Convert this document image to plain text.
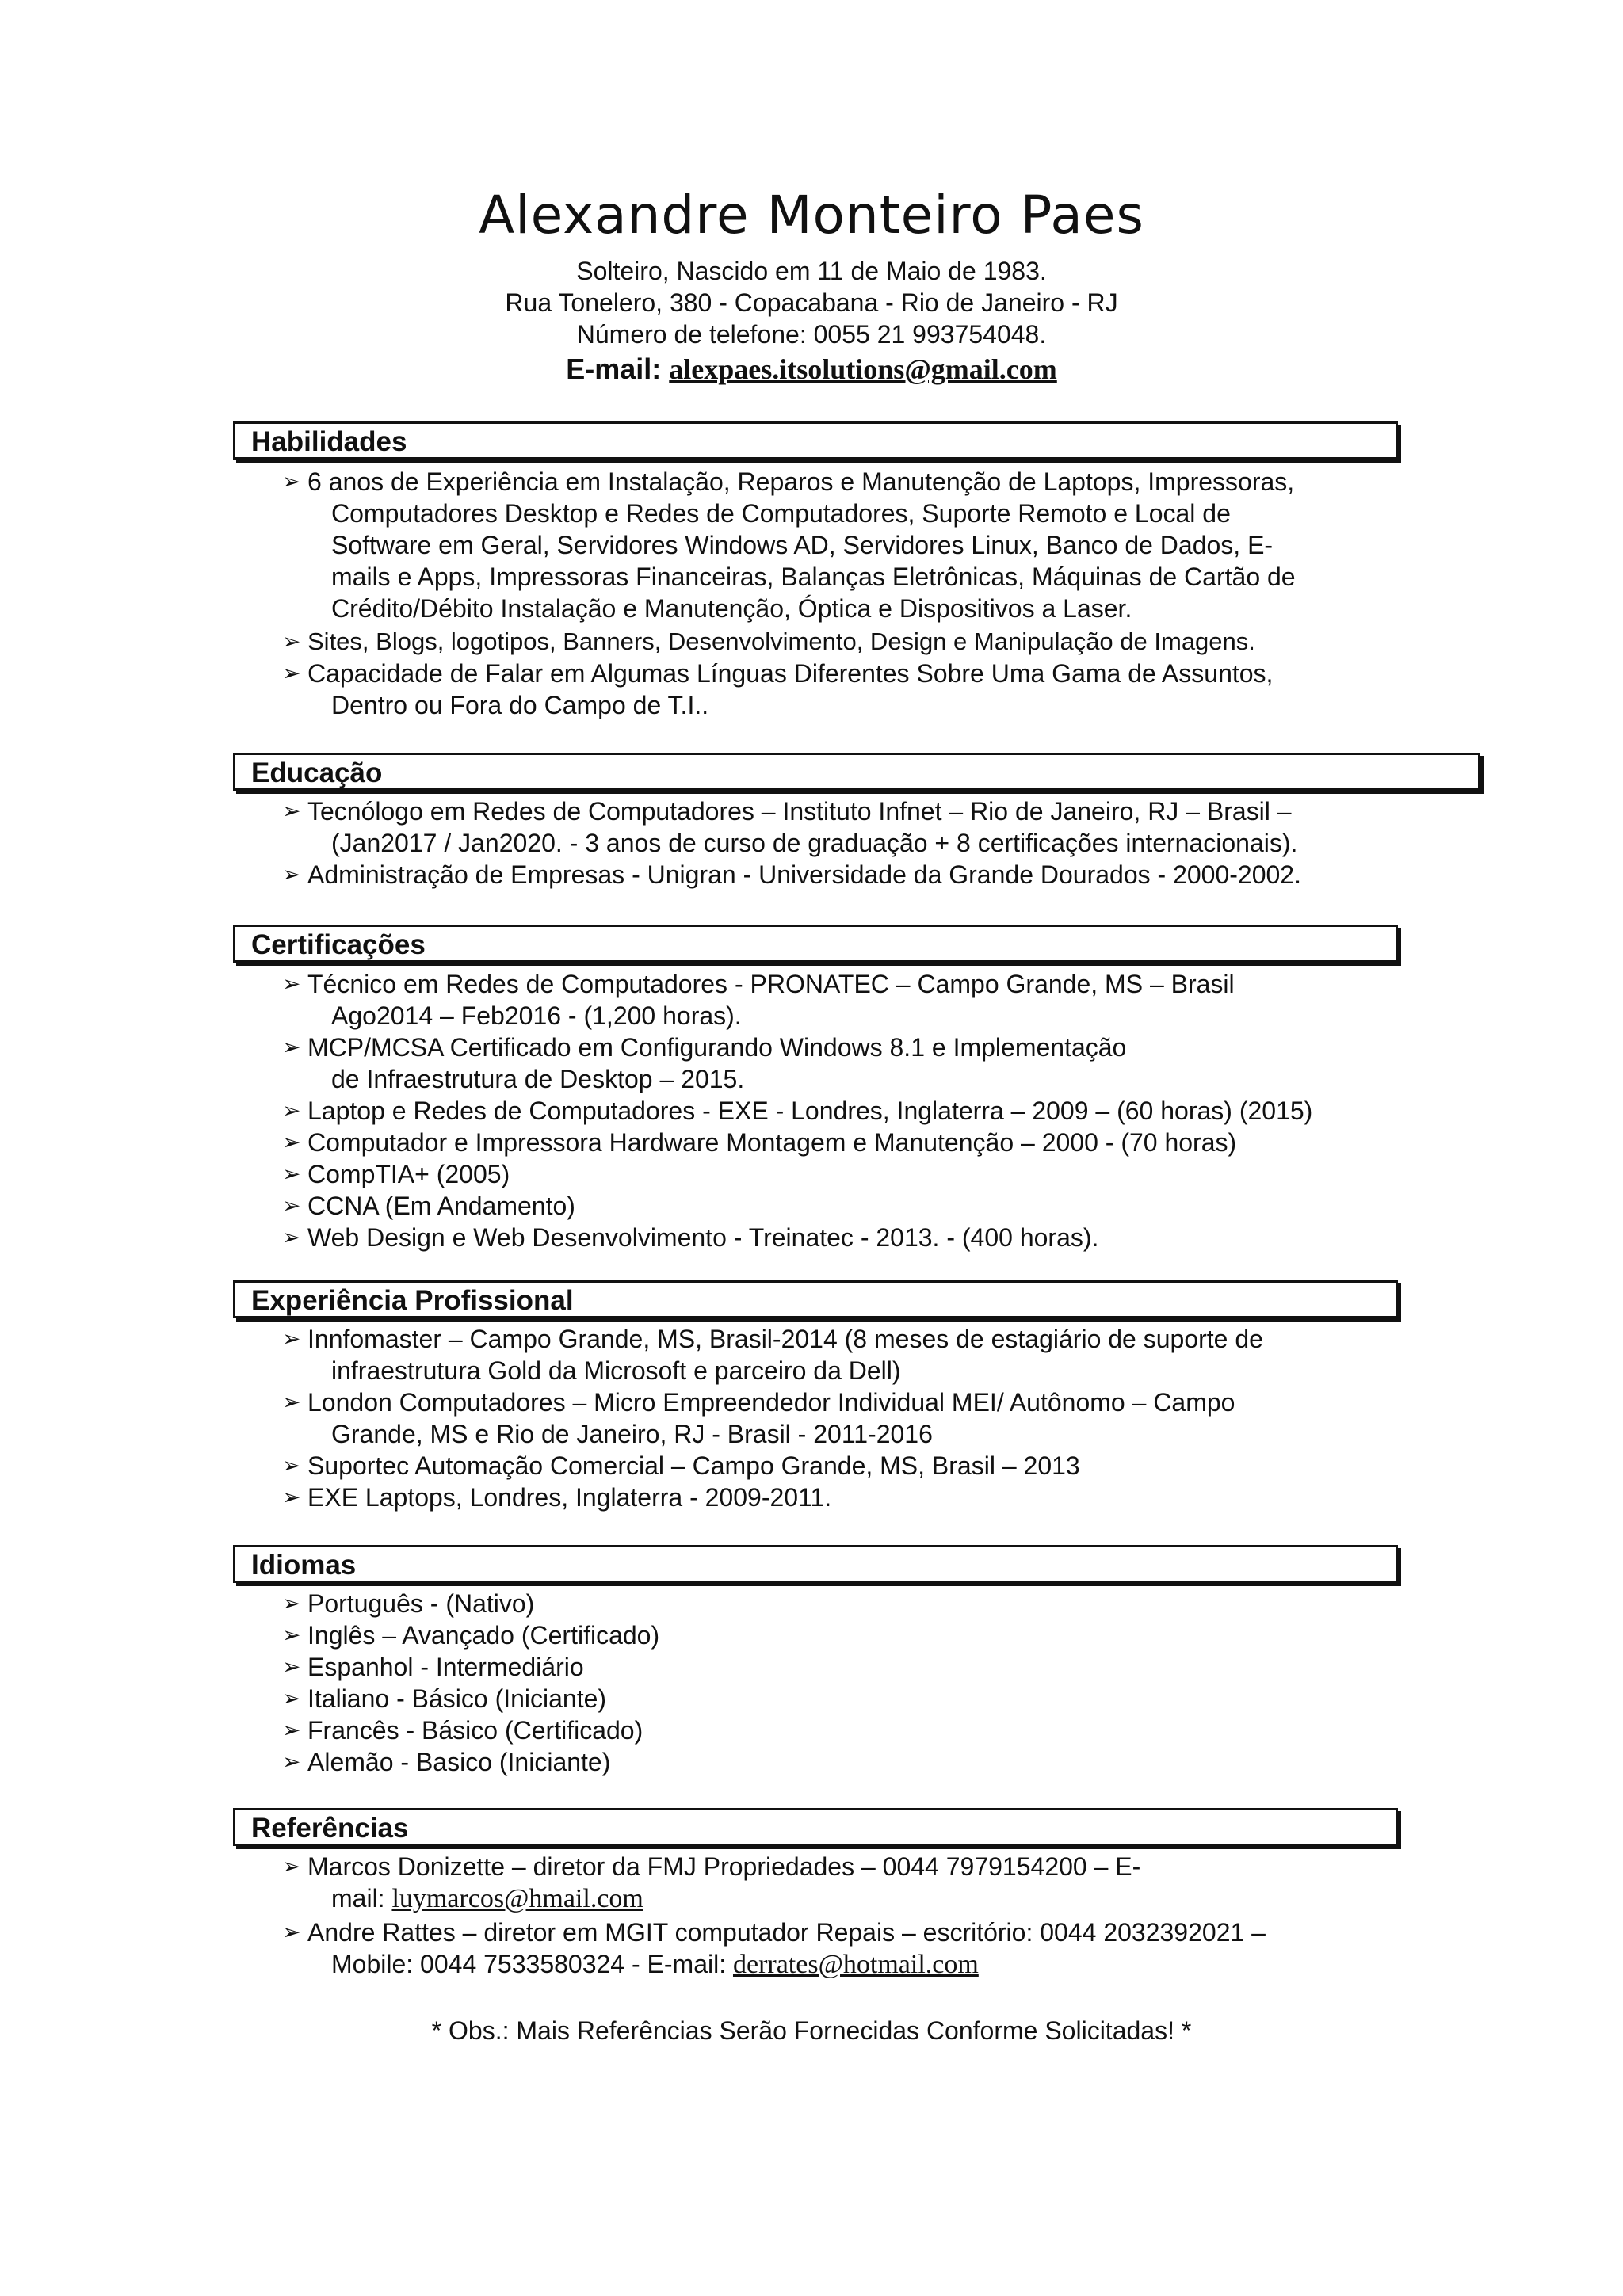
Alexandre Monteiro Paes
Solteiro, Nascido em 11 de Maio de 1983.
Rua Tonelero, 380 - Copacabana - Rio de Janeiro - RJ
Número de telefone: 0055 21 993754048.
E-mail: alexpaes.itsolutions@gmail.com
Habilidades
➢ 6 anos de Experiência em Instalação, Reparos e Manutenção de Laptops, Impressoras,
Computadores Desktop e Redes de Computadores, Suporte Remoto e Local de
Software em Geral, Servidores Windows AD, Servidores Linux, Banco de Dados, E-
mails e Apps, Impressoras Financeiras, Balanças Eletrônicas, Máquinas de Cartão de
Crédito/Débito Instalação e Manutenção, Óptica e Dispositivos a Laser.
➢ Sites, Blogs, logotipos, Banners, Desenvolvimento, Design e Manipulação de Imagens.
➢ Capacidade de Falar em Algumas Línguas Diferentes Sobre Uma Gama de Assuntos,
Dentro ou Fora do Campo de T.I..
Educação
➢ Tecnólogo em Redes de Computadores – Instituto Infnet – Rio de Janeiro, RJ – Brasil –
(Jan2017 / Jan2020. - 3 anos de curso de graduação + 8 certificações internacionais).
➢ Administração de Empresas - Unigran - Universidade da Grande Dourados - 2000-2002.
Certificações
➢ Técnico em Redes de Computadores - PRONATEC – Campo Grande, MS – Brasil
Ago2014 – Feb2016 - (1,200 horas).
➢ MCP/MCSA Certificado em Configurando Windows 8.1 e Implementação
de Infraestrutura de Desktop – 2015.
➢ Laptop e Redes de Computadores - EXE - Londres, Inglaterra – 2009 – (60 horas) (2015)
➢ Computador e Impressora Hardware Montagem e Manutenção – 2000 - (70 horas)
➢ CompTIA+ (2005)
➢ CCNA (Em Andamento)
➢ Web Design e Web Desenvolvimento - Treinatec - 2013. - (400 horas).
Experiência Profissional
➢ Innfomaster – Campo Grande, MS, Brasil-2014 (8 meses de estagiário de suporte de
infraestrutura Gold da Microsoft e parceiro da Dell)
➢ London Computadores – Micro Empreendedor Individual MEI/ Autônomo – Campo
Grande, MS e Rio de Janeiro, RJ - Brasil - 2011-2016
➢ Suportec Automação Comercial – Campo Grande, MS, Brasil – 2013
➢ EXE Laptops, Londres, Inglaterra - 2009-2011.
Idiomas
➢ Português - (Nativo)
➢ Inglês – Avançado (Certificado)
➢ Espanhol - Intermediário
➢ Italiano - Básico (Iniciante)
➢ Francês - Básico (Certificado)
➢ Alemão - Basico (Iniciante)
Referências
➢ Marcos Donizette – diretor da FMJ Propriedades – 0044 7979154200 – E-
mail: luymarcos@hmail.com
➢ Andre Rattes – diretor em MGIT computador Repais – escritório: 0044 2032392021 –
Mobile: 0044 7533580324 - E-mail: derrates@hotmail.com
* Obs.: Mais Referências Serão Fornecidas Conforme Solicitadas! *
